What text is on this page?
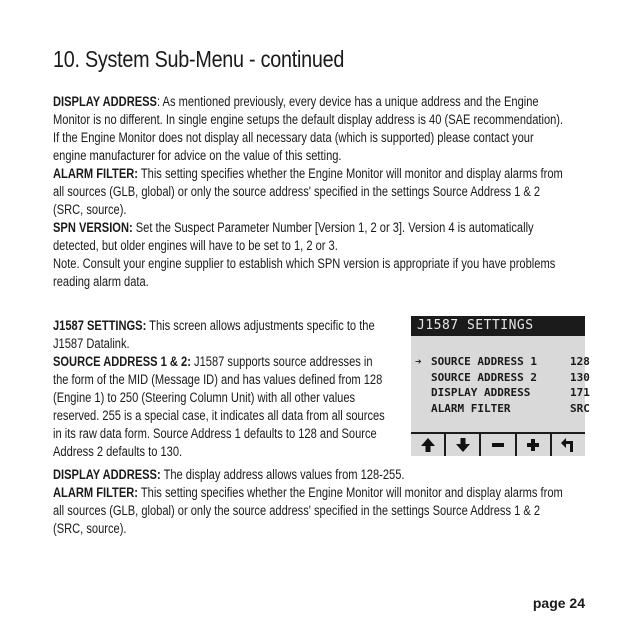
10. System Sub-Menu - continued
DISPLAY ADDRESS: As mentioned previously, every device has a unique address and the Engine Monitor is no different. In single engine setups the default display address is 40 (SAE recommendation). If the Engine Monitor does not display all necessary data (which is supported) please contact your engine manufacturer for advice on the value of this setting.
ALARM FILTER: This setting specifies whether the Engine Monitor will monitor and display alarms from all sources (GLB, global) or only the source address' specified in the settings Source Address 1 & 2 (SRC, source).
SPN VERSION: Set the Suspect Parameter Number [Version 1, 2 or 3]. Version 4 is automatically detected, but older engines will have to be set to 1, 2 or 3.
Note. Consult your engine supplier to establish which SPN version is appropriate if you have problems reading alarm data.
J1587 SETTINGS: This screen allows adjustments specific to the J1587 Datalink.
SOURCE ADDRESS 1 & 2: J1587 supports source addresses in the form of the MID (Message ID) and has values defined from 128 (Engine 1) to 250 (Steering Column Unit) with all other values reserved. 255 is a special case, it indicates all data from all sources in its raw data form. Source Address 1 defaults to 128 and Source Address 2 defaults to 130.
DISPLAY ADDRESS: The display address allows values from 128-255.
ALARM FILTER: This setting specifies whether the Engine Monitor will monitor and display alarms from all sources (GLB, global) or only the source address' specified in the settings Source Address 1 & 2 (SRC, source).
J1587 SETTINGS
➔ SOURCE ADDRESS 1	128
SOURCE ADDRESS 2	130
DISPLAY ADDRESS	171
ALARM FILTER	SRC
page 24
